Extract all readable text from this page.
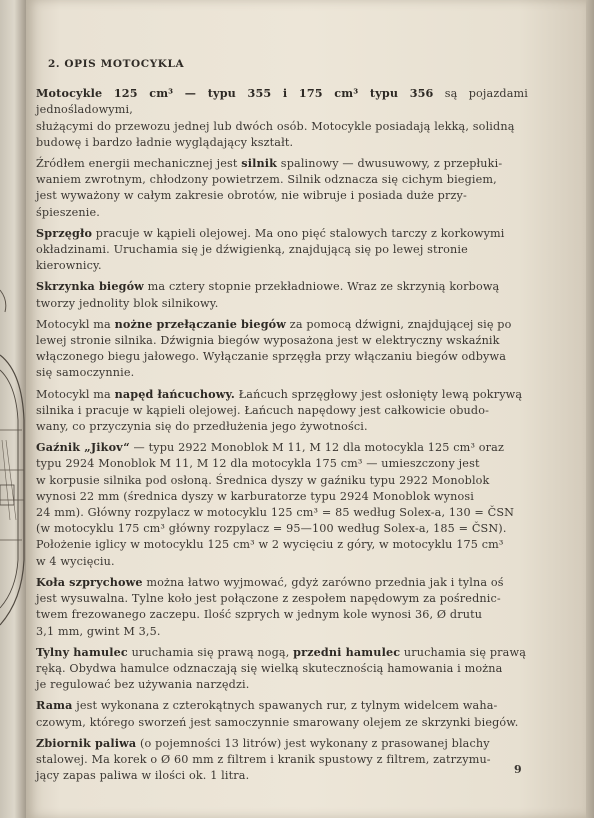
2. OPIS MOTOCYKLA
Motocykle 125 cm³ — typu 355 i 175 cm³ typu 356 są pojazdami jednośladowymi,
służącymi do przewozu jednej lub dwóch osób. Motocykle posiadają lekką, solidną
budowę i bardzo ładnie wyglądający kształt.
Źródłem energii mechanicznej jest silnik spalinowy — dwusuwowy, z przepłuki-
waniem zwrotnym, chłodzony powietrzem. Silnik odznacza się cichym biegiem,
jest wyważony w całym zakresie obrotów, nie wibruje i posiada duże przy-
śpieszenie.
Sprzęgło pracuje w kąpieli olejowej. Ma ono pięć stalowych tarczy z korkowymi
okładzinami. Uruchamia się je dźwigienką, znajdującą się po lewej stronie
kierownicy.
Skrzynka biegów ma cztery stopnie przekładniowe. Wraz ze skrzynią korbową
tworzy jednolity blok silnikowy.
Motocykl ma nożne przełączanie biegów za pomocą dźwigni, znajdującej się po
lewej stronie silnika. Dźwignia biegów wyposażona jest w elektryczny wskaźnik
włączonego biegu jałowego. Wyłączanie sprzęgła przy włączaniu biegów odbywa
się samoczynnie.
Motocykl ma napęd łańcuchowy. Łańcuch sprzęgłowy jest osłonięty lewą pokrywą
silnika i pracuje w kąpieli olejowej. Łańcuch napędowy jest całkowicie obudo-
wany, co przyczynia się do przedłużenia jego żywotności.
Gaźnik „Jikov“ — typu 2922 Monoblok M 11, M 12 dla motocykla 125 cm³ oraz
typu 2924 Monoblok M 11, M 12 dla motocykla 175 cm³ — umieszczony jest
w korpusie silnika pod osłoną. Średnica dyszy w gaźniku typu 2922 Monoblok
wynosi 22 mm (średnica dyszy w karburatorze typu 2924 Monoblok wynosi
24 mm). Główny rozpylacz w motocyklu 125 cm³ = 85 według Solex-a, 130 = ČSN
(w motocyklu 175 cm³ główny rozpylacz = 95—100 według Solex-a, 185 = ČSN).
Położenie iglicy w motocyklu 125 cm³ w 2 wycięciu z góry, w motocyklu 175 cm³
w 4 wycięciu.
Koła szprychowe można łatwo wyjmować, gdyż zarówno przednia jak i tylna oś
jest wysuwalna. Tylne koło jest połączone z zespołem napędowym za pośrednic-
twem frezowanego zaczepu. Ilość szprych w jednym kole wynosi 36, Ø drutu
3,1 mm, gwint M 3,5.
Tylny hamulec uruchamia się prawą nogą, przedni hamulec uruchamia się prawą
ręką. Obydwa hamulce odznaczają się wielką skutecznością hamowania i można
je regulować bez używania narzędzi.
Rama jest wykonana z czterokątnych spawanych rur, z tylnym widelcem waha-
czowym, którego sworzeń jest samoczynnie smarowany olejem ze skrzynki biegów.
Zbiornik paliwa (o pojemności 13 litrów) jest wykonany z prasowanej blachy
stalowej. Ma korek o Ø 60 mm z filtrem i kranik spustowy z filtrem, zatrzymu-
jący zapas paliwa w ilości ok. 1 litra.	9
